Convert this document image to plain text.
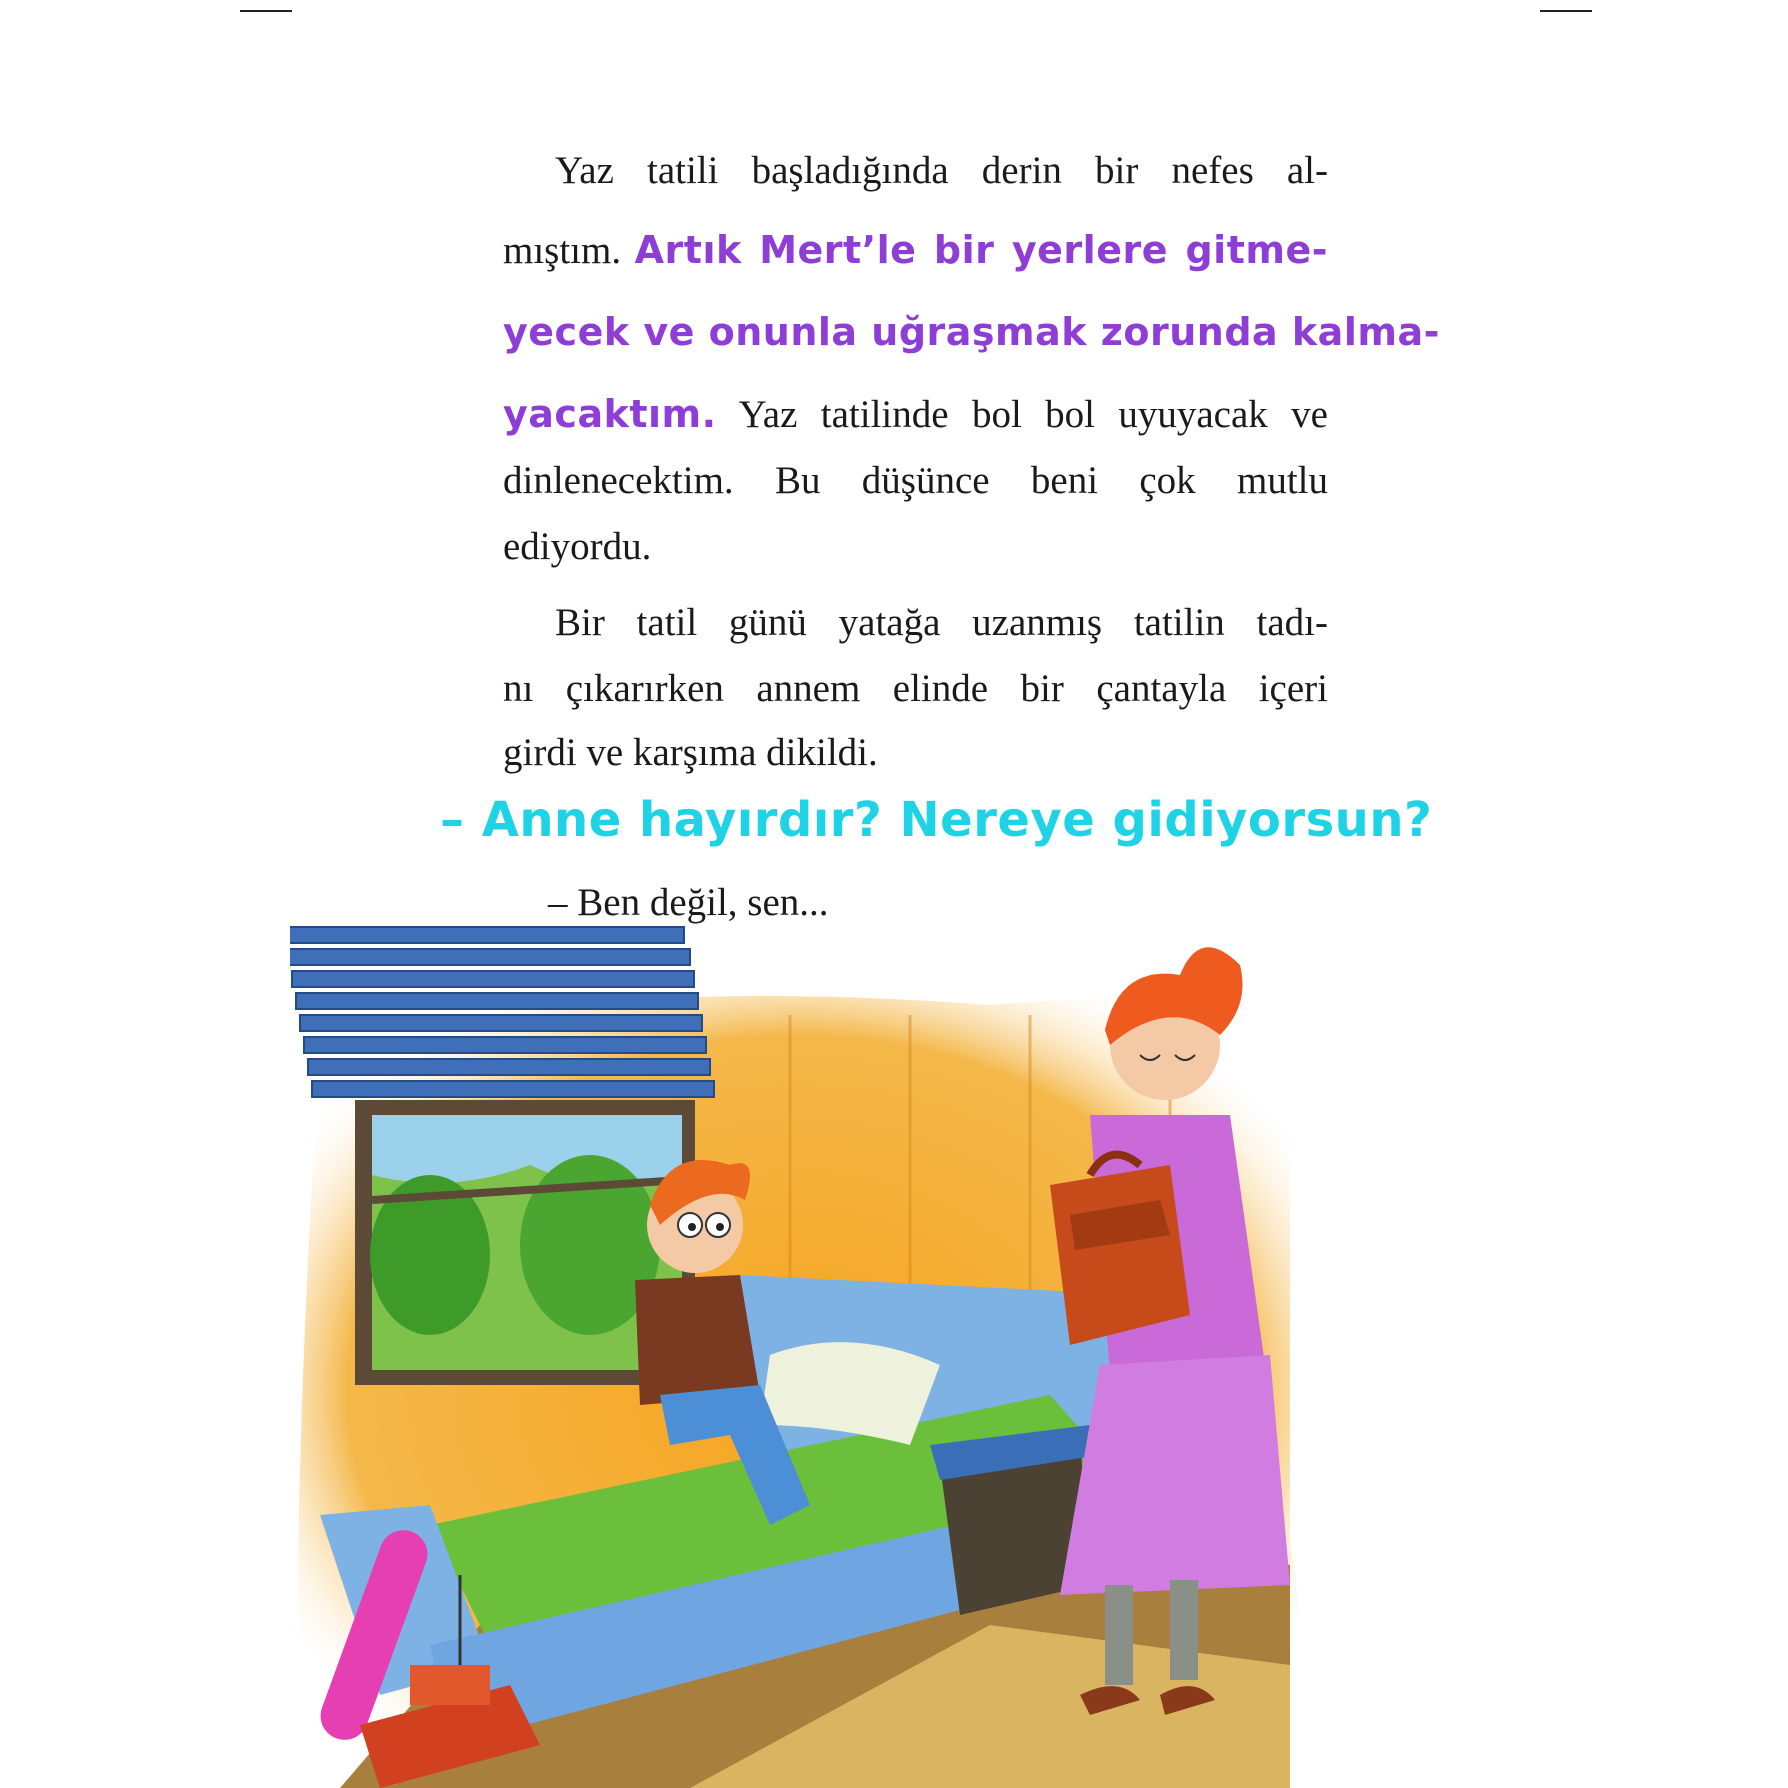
Yaz tatili başladığında derin bir nefes al-
mıştım. Artık Mert’le bir yerlere gitme-
yecek ve onunla uğraşmak zorunda kalma-
yacaktım. Yaz tatilinde bol bol uyuyacak ve
dinlenecektim. Bu düşünce beni çok mutlu
ediyordu.
Bir tatil günü yatağa uzanmış tatilin tadı-
nı çıkarırken annem elinde bir çantayla içeri
girdi ve karşıma dikildi.
– Anne hayırdır? Nereye gidiyorsun?
– Ben değil, sen...
